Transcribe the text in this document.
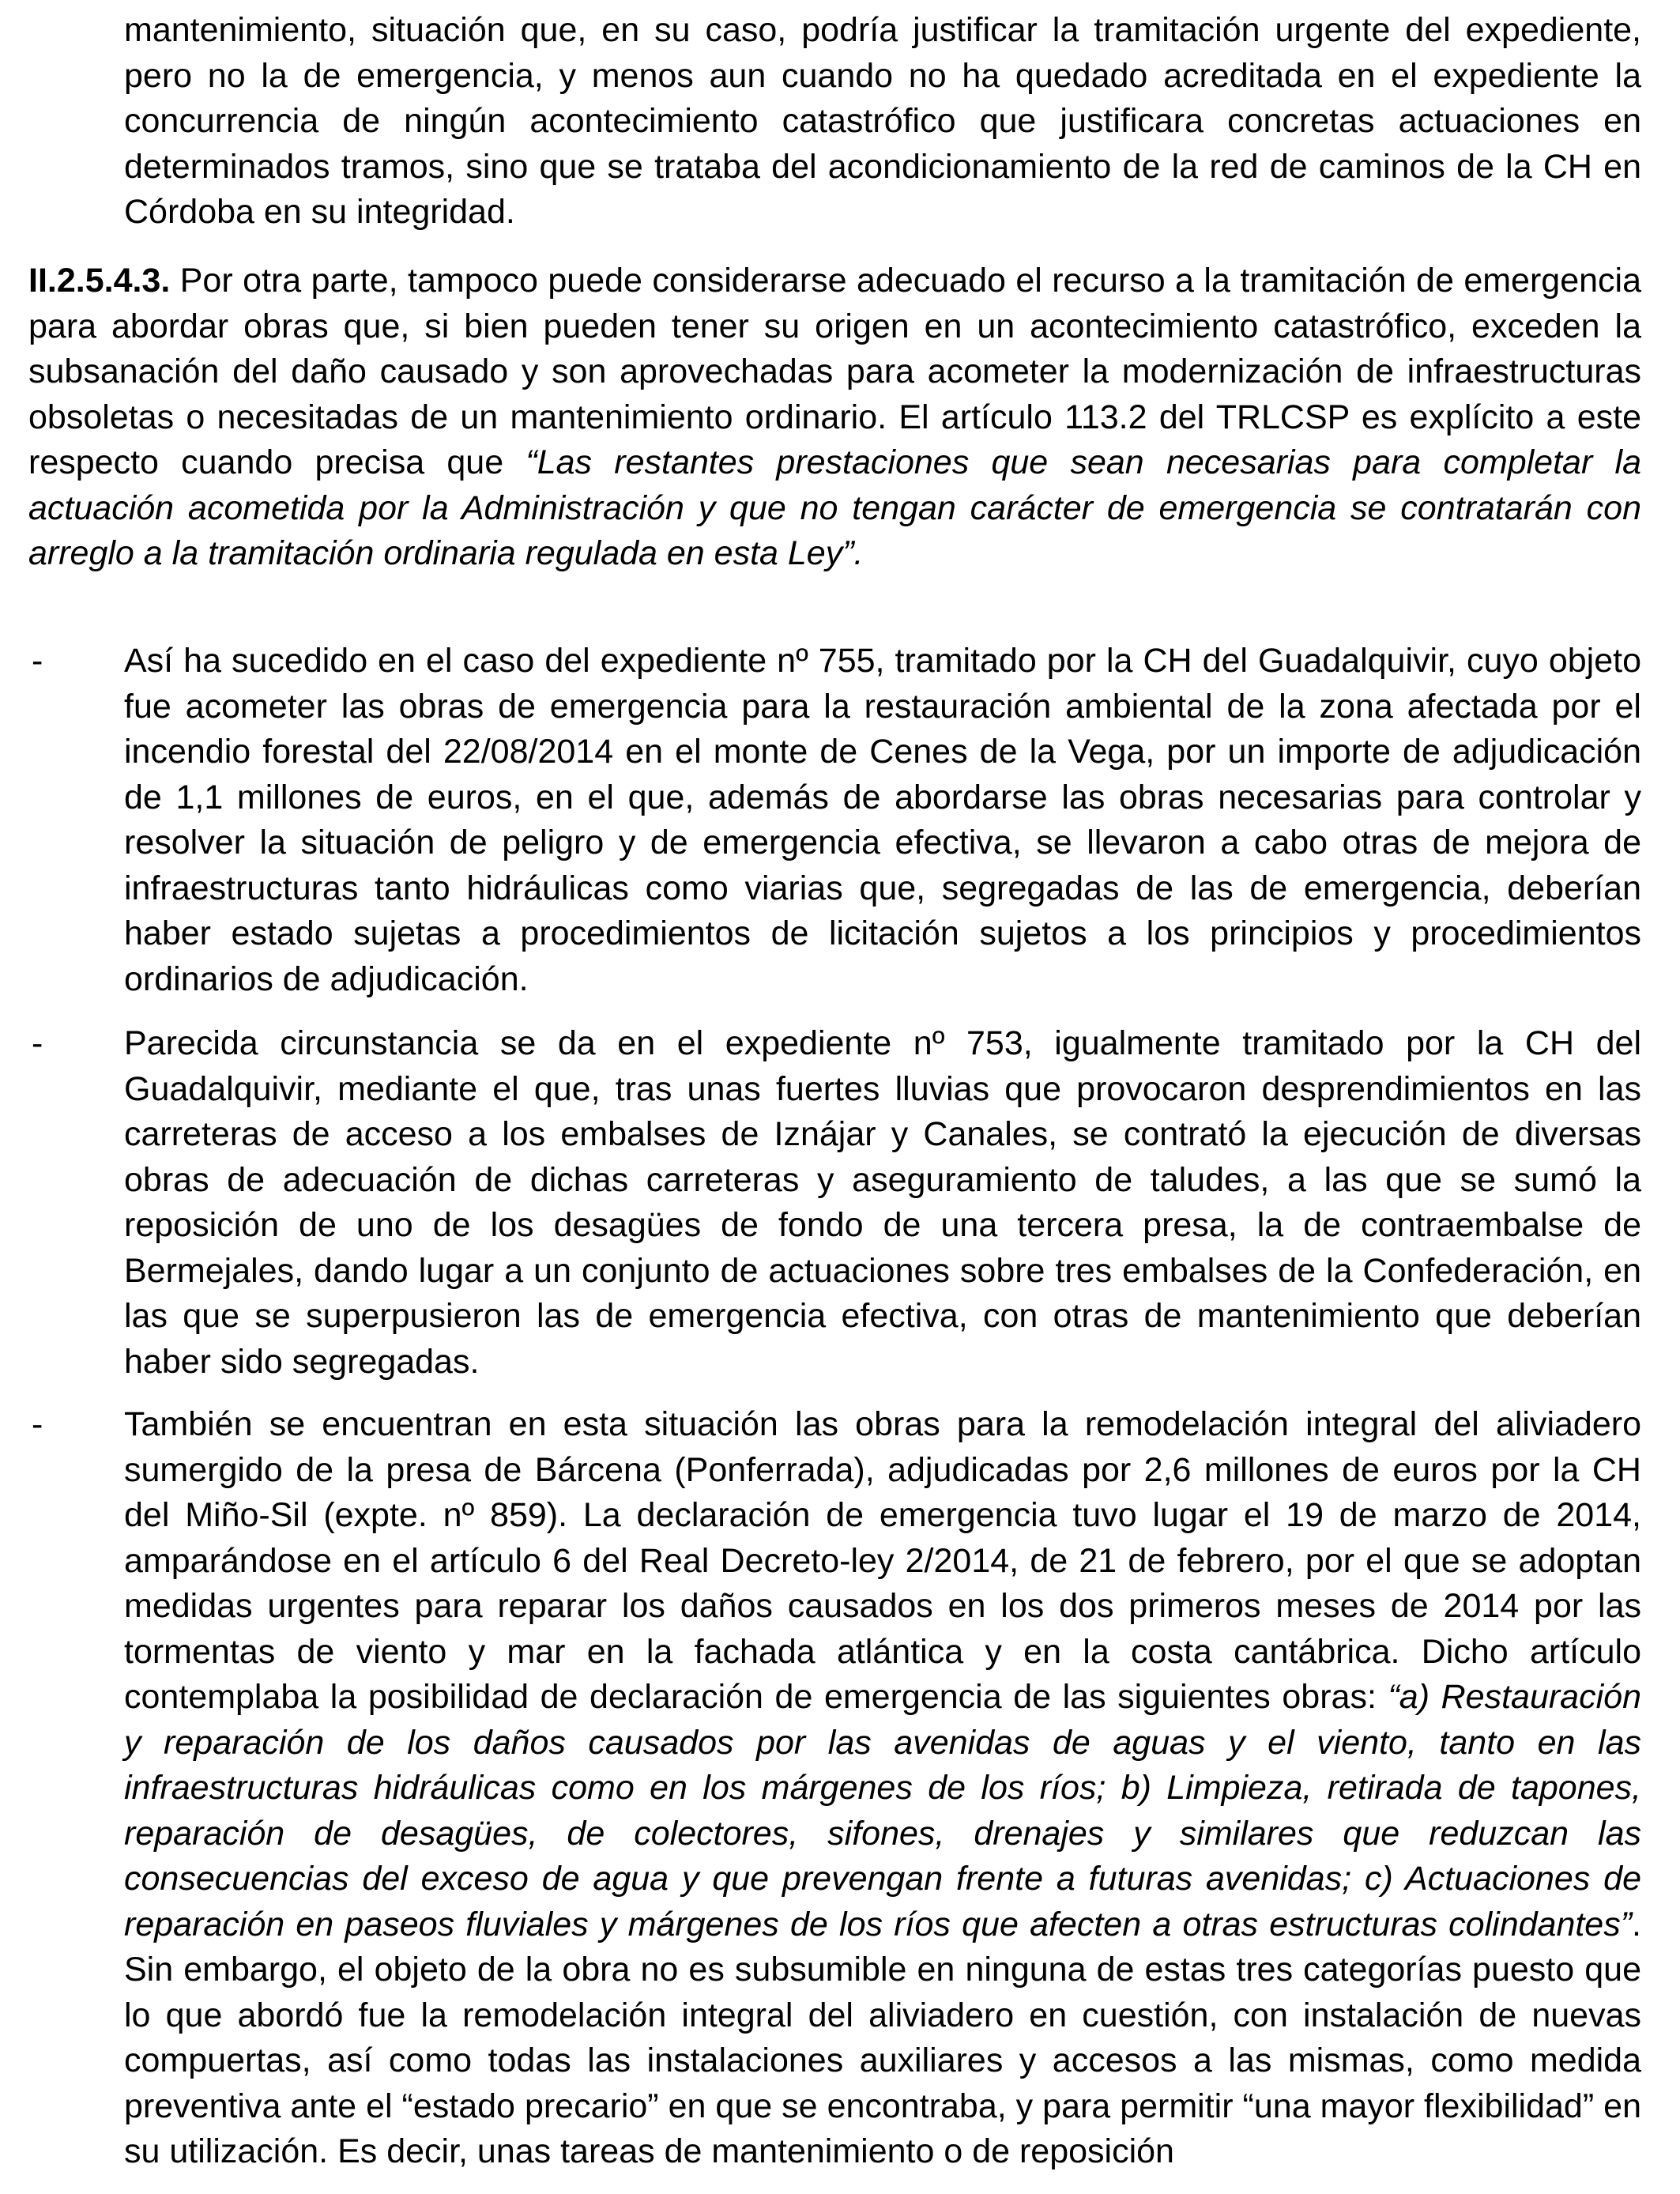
mantenimiento, situación que, en su caso, podría justificar la tramitación urgente del expediente, pero no la de emergencia, y menos aun cuando no ha quedado acreditada en el expediente la concurrencia de ningún acontecimiento catastrófico que justificara concretas actuaciones en determinados tramos, sino que se trataba del acondicionamiento de la red de caminos de la CH en Córdoba en su integridad.

II.2.5.4.3. Por otra parte, tampoco puede considerarse adecuado el recurso a la tramitación de emergencia para abordar obras que, si bien pueden tener su origen en un acontecimiento catastrófico, exceden la subsanación del daño causado y son aprovechadas para acometer la modernización de infraestructuras obsoletas o necesitadas de un mantenimiento ordinario. El artículo 113.2 del TRLCSP es explícito a este respecto cuando precisa que “Las restantes prestaciones que sean necesarias para completar la actuación acometida por la Administración y que no tengan carácter de emergencia se contratarán con arreglo a la tramitación ordinaria regulada en esta Ley”.

- Así ha sucedido en el caso del expediente nº 755, tramitado por la CH del Guadalquivir, cuyo objeto fue acometer las obras de emergencia para la restauración ambiental de la zona afectada por el incendio forestal del 22/08/2014 en el monte de Cenes de la Vega, por un importe de adjudicación de 1,1 millones de euros, en el que, además de abordarse las obras necesarias para controlar y resolver la situación de peligro y de emergencia efectiva, se llevaron a cabo otras de mejora de infraestructuras tanto hidráulicas como viarias que, segregadas de las de emergencia, deberían haber estado sujetas a procedimientos de licitación sujetos a los principios y procedimientos ordinarios de adjudicación.

- Parecida circunstancia se da en el expediente nº 753, igualmente tramitado por la CH del Guadalquivir, mediante el que, tras unas fuertes lluvias que provocaron desprendimientos en las carreteras de acceso a los embalses de Iznájar y Canales, se contrató la ejecución de diversas obras de adecuación de dichas carreteras y aseguramiento de taludes, a las que se sumó la reposición de uno de los desagües de fondo de una tercera presa, la de contraembalse de Bermejales, dando lugar a un conjunto de actuaciones sobre tres embalses de la Confederación, en las que se superpusieron las de emergencia efectiva, con otras de mantenimiento que deberían haber sido segregadas.

- También se encuentran en esta situación las obras para la remodelación integral del aliviadero sumergido de la presa de Bárcena (Ponferrada), adjudicadas por 2,6 millones de euros por la CH del Miño-Sil (expte. nº 859). La declaración de emergencia tuvo lugar el 19 de marzo de 2014, amparándose en el artículo 6 del Real Decreto-ley 2/2014, de 21 de febrero, por el que se adoptan medidas urgentes para reparar los daños causados en los dos primeros meses de 2014 por las tormentas de viento y mar en la fachada atlántica y en la costa cantábrica. Dicho artículo contemplaba la posibilidad de declaración de emergencia de las siguientes obras: “a) Restauración y reparación de los daños causados por las avenidas de aguas y el viento, tanto en las infraestructuras hidráulicas como en los márgenes de los ríos; b) Limpieza, retirada de tapones, reparación de desagües, de colectores, sifones, drenajes y similares que reduzcan las consecuencias del exceso de agua y que prevengan frente a futuras avenidas; c) Actuaciones de reparación en paseos fluviales y márgenes de los ríos que afecten a otras estructuras colindantes”. Sin embargo, el objeto de la obra no es subsumible en ninguna de estas tres categorías puesto que lo que abordó fue la remodelación integral del aliviadero en cuestión, con instalación de nuevas compuertas, así como todas las instalaciones auxiliares y accesos a las mismas, como medida preventiva ante el “estado precario” en que se encontraba, y para permitir “una mayor flexibilidad” en su utilización. Es decir, unas tareas de mantenimiento o de reposición
